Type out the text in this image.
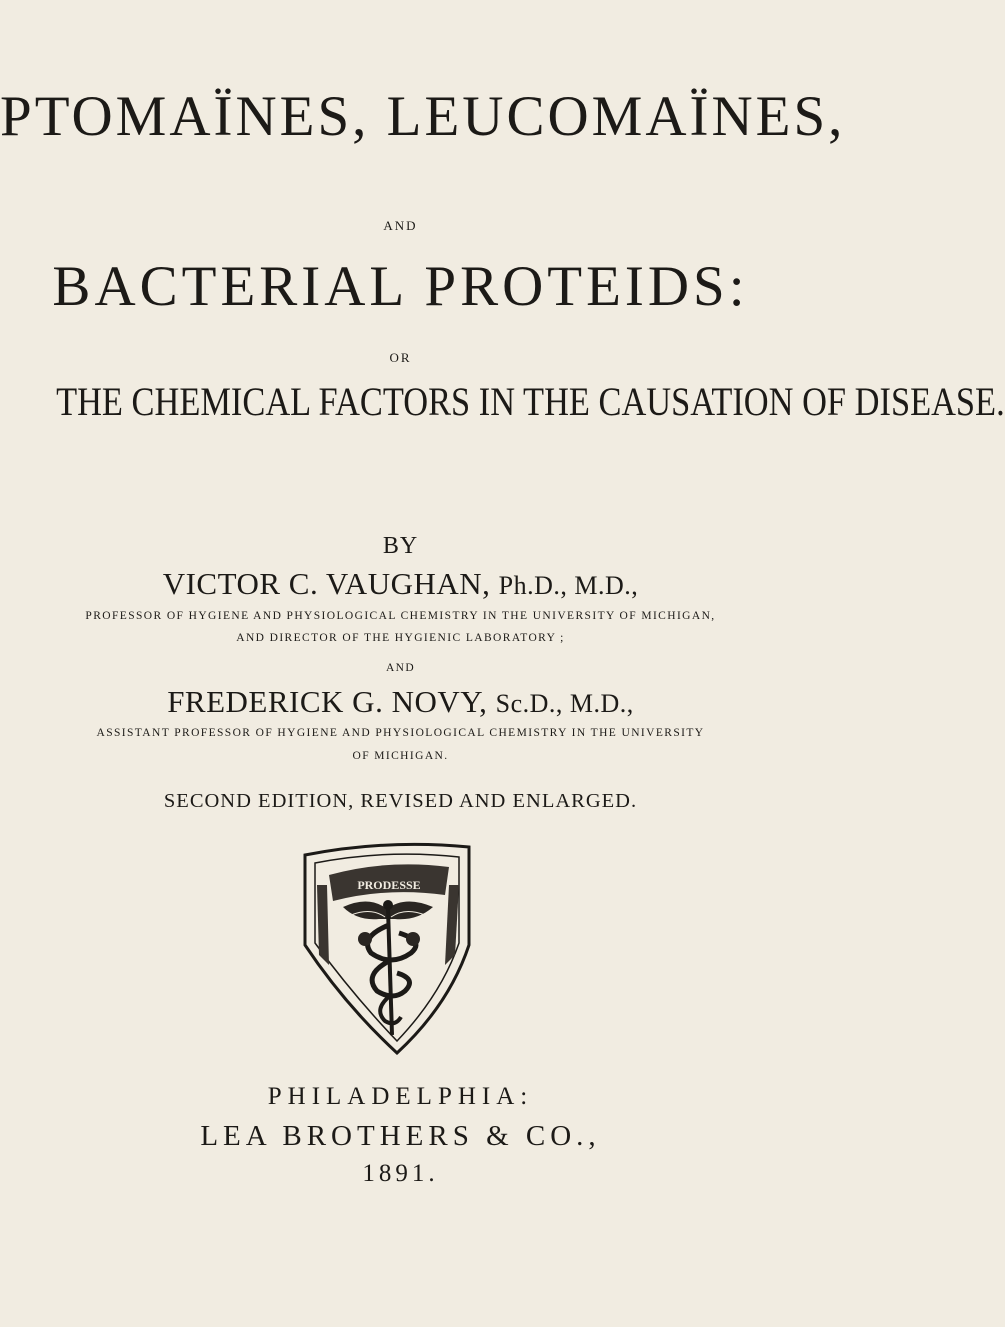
PTOMAÏNES, LEUCOMAÏNES,
AND
BACTERIAL PROTEIDS:
OR
THE CHEMICAL FACTORS IN THE CAUSATION OF DISEASE.
BY
VICTOR C. VAUGHAN, Ph.D., M.D.,
PROFESSOR OF HYGIENE AND PHYSIOLOGICAL CHEMISTRY IN THE UNIVERSITY OF MICHIGAN,
AND DIRECTOR OF THE HYGIENIC LABORATORY ;
AND
FREDERICK G. NOVY, Sc.D., M.D.,
ASSISTANT PROFESSOR OF HYGIENE AND PHYSIOLOGICAL CHEMISTRY IN THE UNIVERSITY
OF MICHIGAN.
SECOND EDITION, REVISED AND ENLARGED.
PRODESSE
PHILADELPHIA:
LEA BROTHERS & CO.,
1891.
